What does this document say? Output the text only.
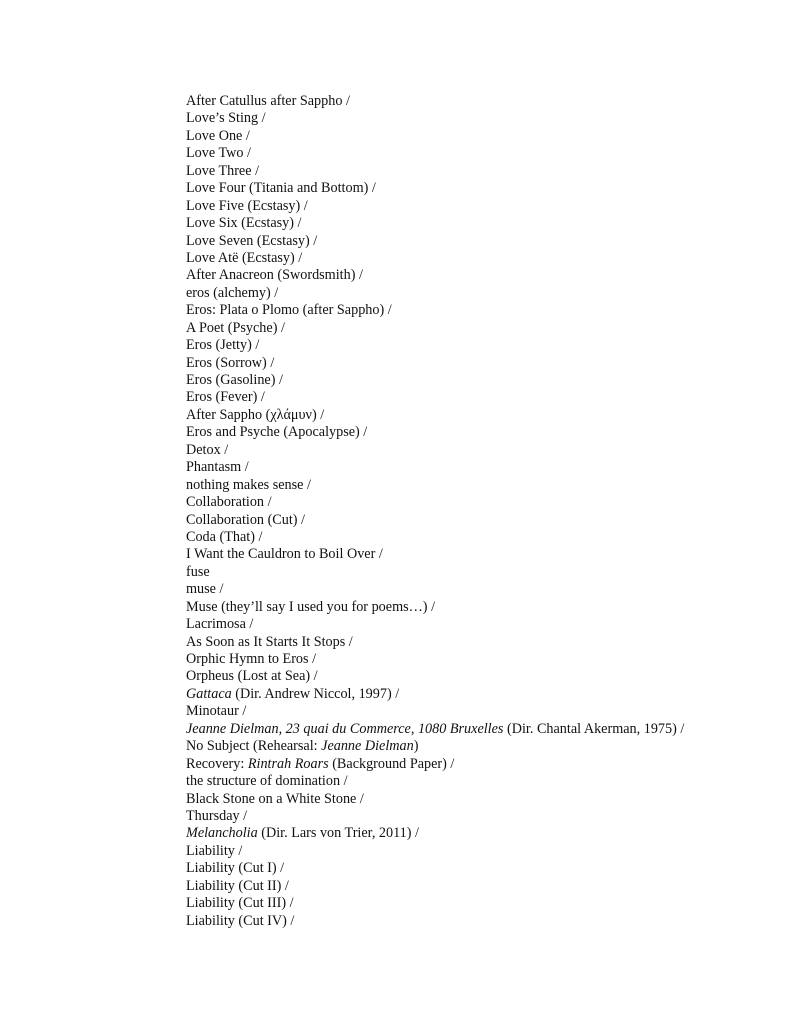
After Catullus after Sappho /
Love’s Sting /
Love One /
Love Two /
Love Three /
Love Four (Titania and Bottom) /
Love Five (Ecstasy) /
Love Six (Ecstasy) /
Love Seven (Ecstasy) /
Love Atë (Ecstasy) /
After Anacreon (Swordsmith) /
eros (alchemy) /
Eros: Plata o Plomo (after Sappho) /
A Poet (Psyche) /
Eros (Jetty) /
Eros (Sorrow) /
Eros (Gasoline) /
Eros (Fever) /
After Sappho (χλάμυν) /
Eros and Psyche (Apocalypse) /
Detox /
Phantasm /
nothing makes sense /
Collaboration /
Collaboration (Cut) /
Coda (That) /
I Want the Cauldron to Boil Over /
fuse
muse /
Muse (they’ll say I used you for poems…) /
Lacrimosa /
As Soon as It Starts It Stops /
Orphic Hymn to Eros /
Orpheus (Lost at Sea) /
Gattaca (Dir. Andrew Niccol, 1997) /
Minotaur /
Jeanne Dielman, 23 quai du Commerce, 1080 Bruxelles (Dir. Chantal Akerman, 1975) /
No Subject (Rehearsal: Jeanne Dielman)
Recovery: Rintrah Roars (Background Paper) /
the structure of domination /
Black Stone on a White Stone /
Thursday /
Melancholia (Dir. Lars von Trier, 2011) /
Liability /
Liability (Cut I) /
Liability (Cut II) /
Liability (Cut III) /
Liability (Cut IV) /
